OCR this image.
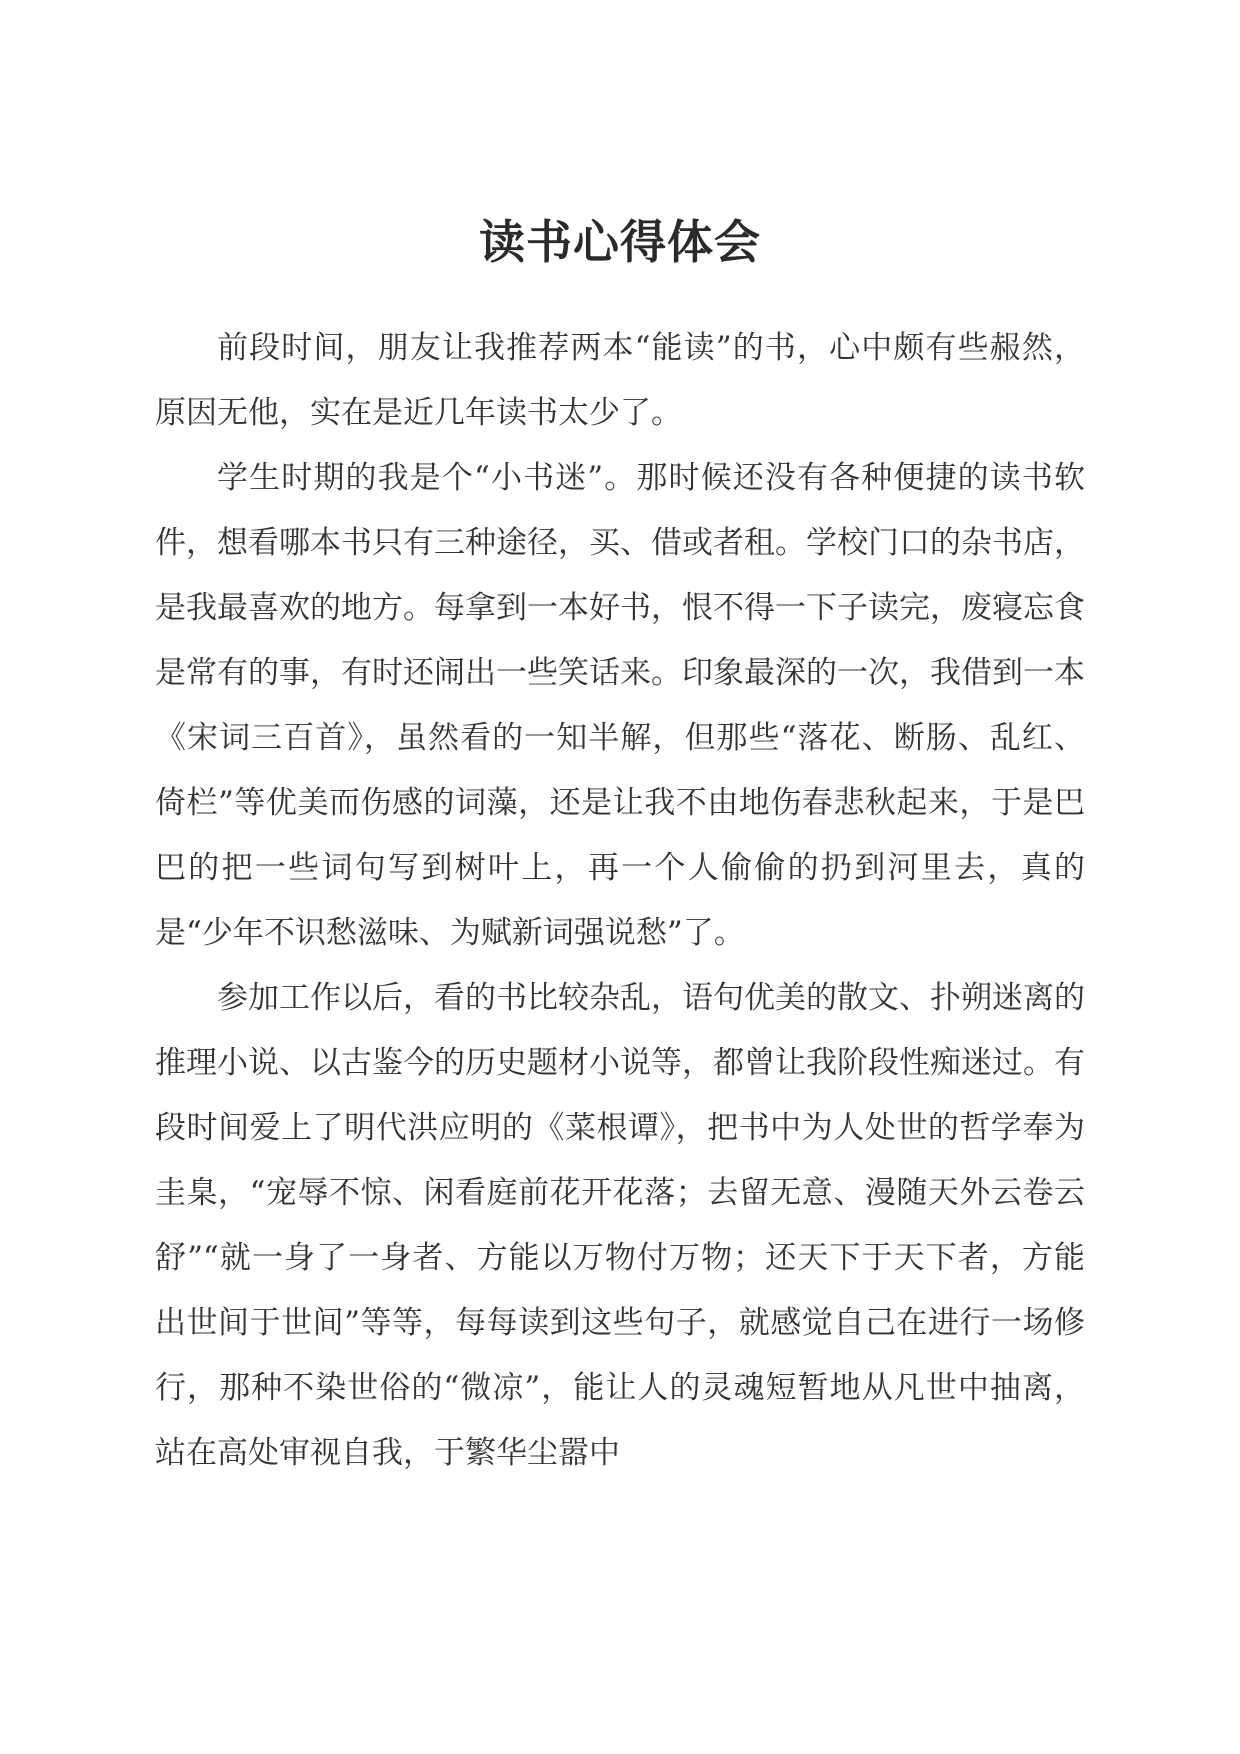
读书心得体会

前段时间，朋友让我推荐两本“能读”的书，心中颇有些赧然，原因无他，实在是近几年读书太少了。

学生时期的我是个“小书迷”。那时候还没有各种便捷的读书软件，想看哪本书只有三种途径，买、借或者租。学校门口的杂书店，是我最喜欢的地方。每拿到一本好书，恨不得一下子读完，废寝忘食是常有的事，有时还闹出一些笑话来。印象最深的一次，我借到一本《宋词三百首》，虽然看的一知半解，但那些“落花、断肠、乱红、倚栏”等优美而伤感的词藻，还是让我不由地伤春悲秋起来，于是巴巴的把一些词句写到树叶上，再一个人偷偷的扔到河里去，真的是“少年不识愁滋味、为赋新词强说愁”了。

参加工作以后，看的书比较杂乱，语句优美的散文、扑朔迷离的推理小说、以古鉴今的历史题材小说等，都曾让我阶段性痴迷过。有段时间爱上了明代洪应明的《菜根谭》，把书中为人处世的哲学奉为圭臬，“宠辱不惊、闲看庭前花开花落；去留无意、漫随天外云卷云舒”“就一身了一身者、方能以万物付万物；还天下于天下者，方能出世间于世间”等等，每每读到这些句子，就感觉自己在进行一场修行，那种不染世俗的“微凉”，能让人的灵魂短暂地从凡世中抽离，站在高处审视自我，于繁华尘嚣中
